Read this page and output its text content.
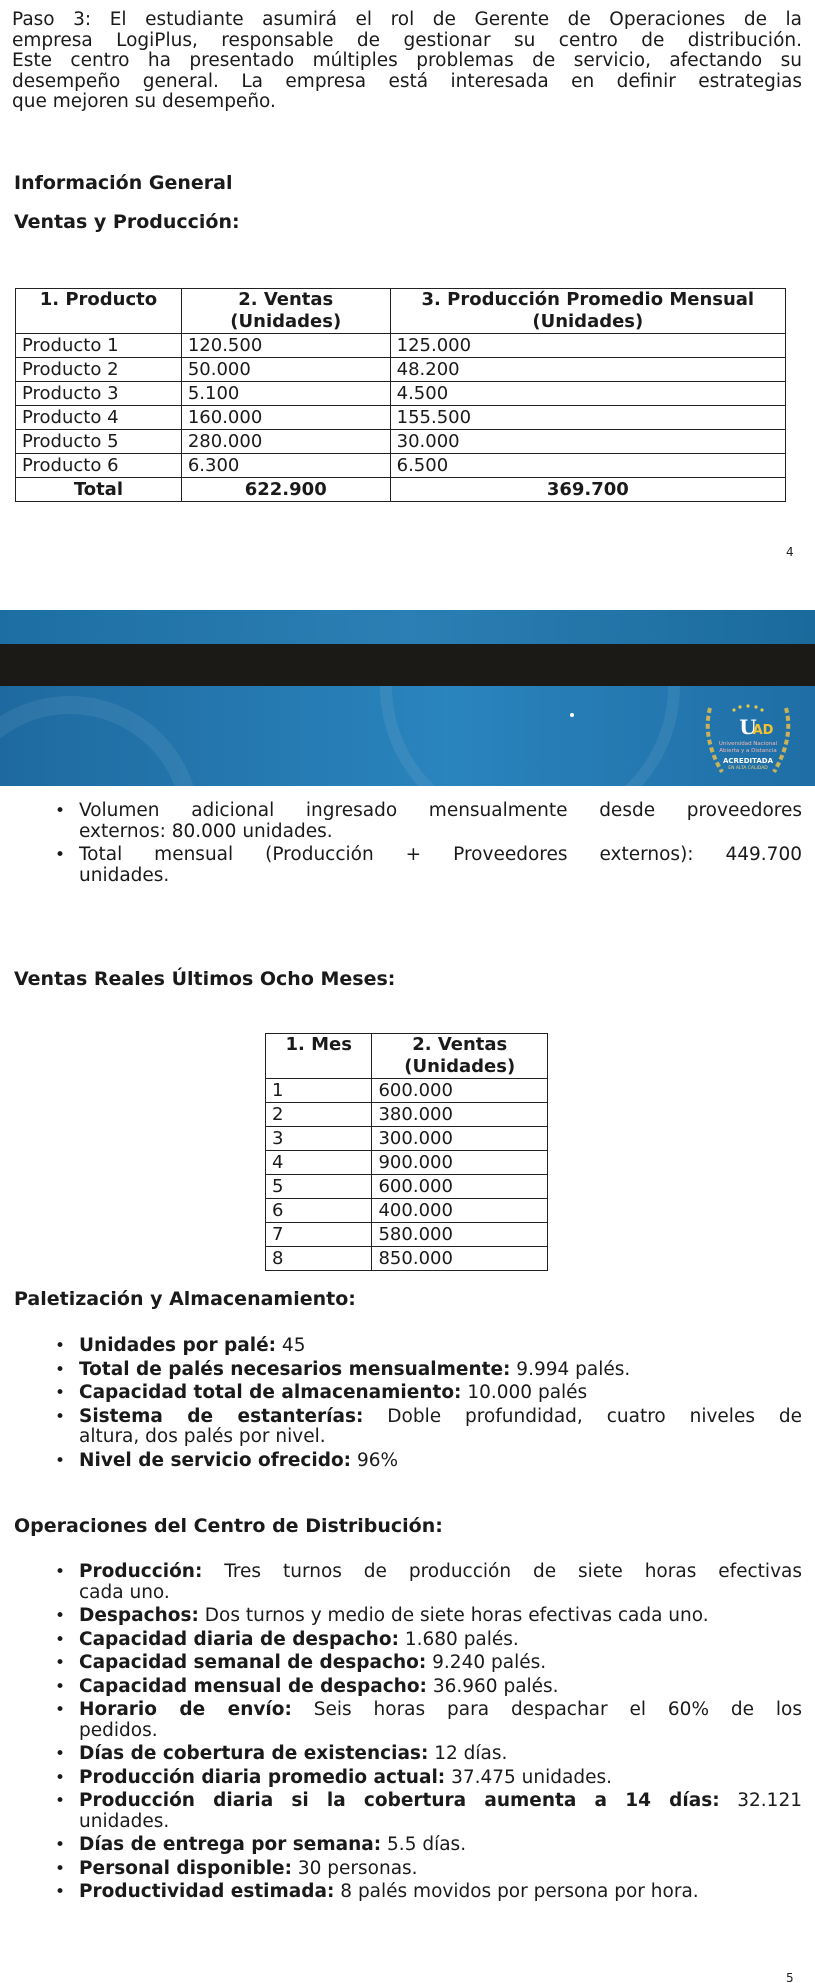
Paso 3: El estudiante asumirá el rol de Gerente de Operaciones de la
empresa LogiPlus, responsable de gestionar su centro de distribución.
Este centro ha presentado múltiples problemas de servicio, afectando su
desempeño general. La empresa está interesada en definir estrategias
que mejoren su desempeño.
Información General
Ventas y Producción:
1. Producto	2. Ventas (Unidades)	3. Producción Promedio Mensual (Unidades)
Producto 1	120.500	125.000
Producto 2	50.000	48.200
Producto 3	5.100	4.500
Producto 4	160.000	155.500
Producto 5	280.000	30.000
Producto 6	6.300	6.500
Total	622.900	369.700
4
U
AD
Universidad Nacional
Abierta y a Distancia
ACREDITADA
EN ALTA CALIDAD
• Volumen adicional ingresado mensualmente desde proveedores
externos: 80.000 unidades.
• Total mensual (Producción + Proveedores externos): 449.700
unidades.
Ventas Reales Últimos Ocho Meses:
1. Mes	2. Ventas (Unidades)
1	600.000
2	380.000
3	300.000
4	900.000
5	600.000
6	400.000
7	580.000
8	850.000
Paletización y Almacenamiento:
• Unidades por palé: 45
• Total de palés necesarios mensualmente: 9.994 palés.
• Capacidad total de almacenamiento: 10.000 palés
• Sistema de estanterías: Doble profundidad, cuatro niveles de
altura, dos palés por nivel.
• Nivel de servicio ofrecido: 96%
Operaciones del Centro de Distribución:
• Producción: Tres turnos de producción de siete horas efectivas
cada uno.
• Despachos: Dos turnos y medio de siete horas efectivas cada uno.
• Capacidad diaria de despacho: 1.680 palés.
• Capacidad semanal de despacho: 9.240 palés.
• Capacidad mensual de despacho: 36.960 palés.
• Horario de envío: Seis horas para despachar el 60% de los
pedidos.
• Días de cobertura de existencias: 12 días.
• Producción diaria promedio actual: 37.475 unidades.
• Producción diaria si la cobertura aumenta a 14 días: 32.121
unidades.
• Días de entrega por semana: 5.5 días.
• Personal disponible: 30 personas.
• Productividad estimada: 8 palés movidos por persona por hora.
5
